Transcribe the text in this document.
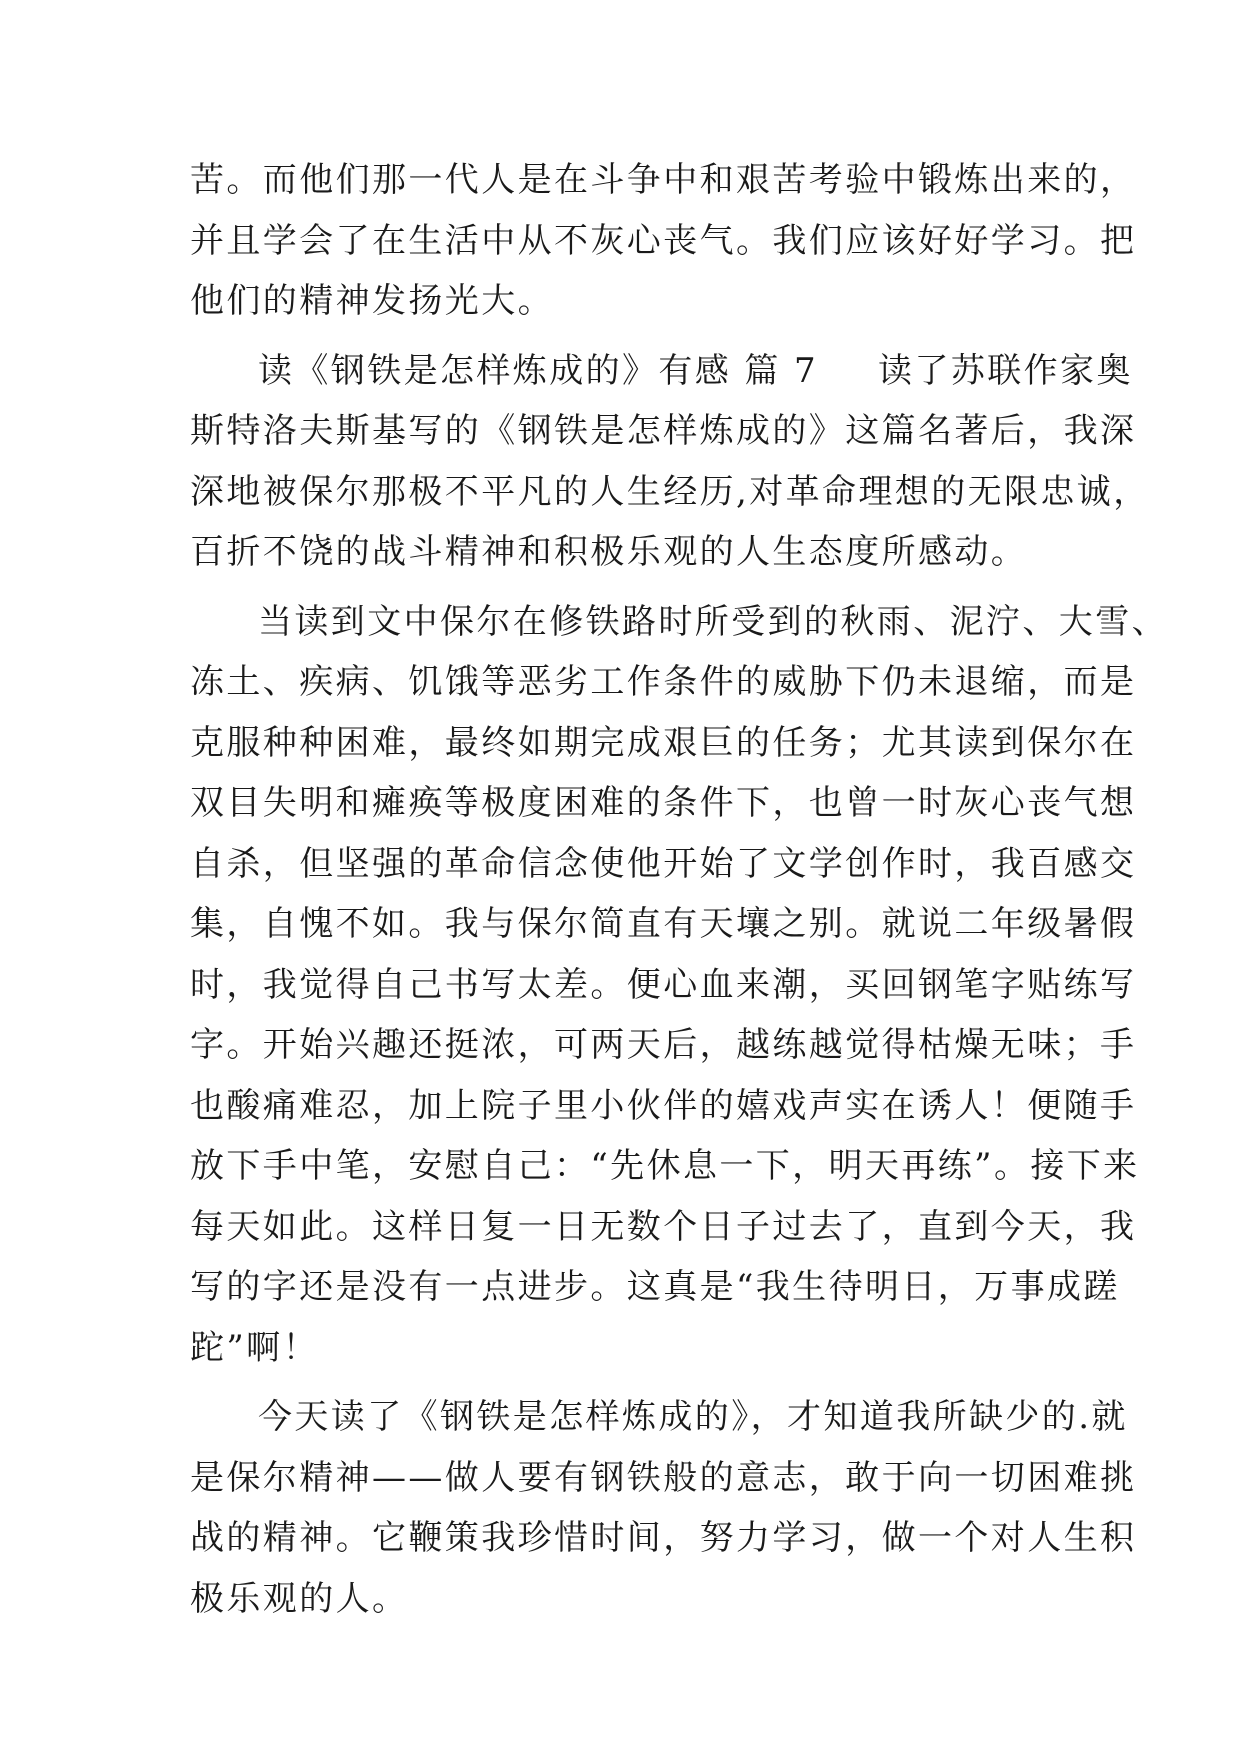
苦。而他们那一代人是在斗争中和艰苦考验中锻炼出来的，
并且学会了在生活中从不灰心丧气。我们应该好好学习。把
他们的精神发扬光大。
读《钢铁是怎样炼成的》有感 篇 7 读了苏联作家奥
斯特洛夫斯基写的《钢铁是怎样炼成的》这篇名著后，我深
深地被保尔那极不平凡的人生经历,对革命理想的无限忠诚，
百折不饶的战斗精神和积极乐观的人生态度所感动。
当读到文中保尔在修铁路时所受到的秋雨、泥泞、大雪、
冻土、疾病、饥饿等恶劣工作条件的威胁下仍未退缩，而是
克服种种困难，最终如期完成艰巨的任务；尤其读到保尔在
双目失明和瘫痪等极度困难的条件下，也曾一时灰心丧气想
自杀，但坚强的革命信念使他开始了文学创作时，我百感交
集，自愧不如。我与保尔简直有天壤之别。就说二年级暑假
时，我觉得自己书写太差。便心血来潮，买回钢笔字贴练写
字。开始兴趣还挺浓，可两天后，越练越觉得枯燥无味；手
也酸痛难忍，加上院子里小伙伴的嬉戏声实在诱人！便随手
放下手中笔，安慰自己：“先休息一下，明天再练”。接下来
每天如此。这样日复一日无数个日子过去了，直到今天，我
写的字还是没有一点进步。这真是“我生待明日，万事成蹉
跎”啊！
今天读了《钢铁是怎样炼成的》，才知道我所缺少的.就
是保尔精神——做人要有钢铁般的意志，敢于向一切困难挑
战的精神。它鞭策我珍惜时间，努力学习，做一个对人生积
极乐观的人。
